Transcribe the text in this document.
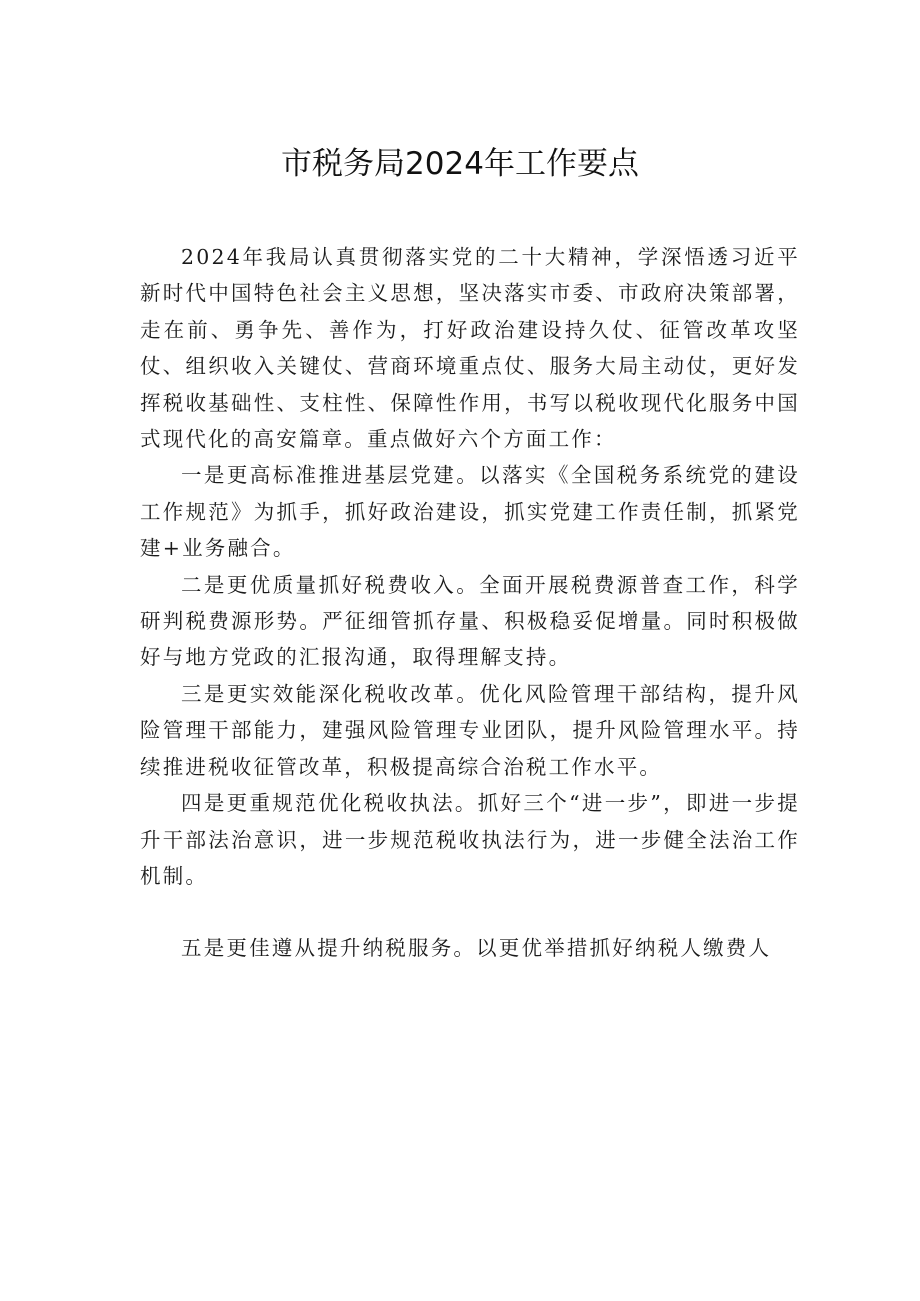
市税务局2024年工作要点

2024年我局认真贯彻落实党的二十大精神，学深悟透习近平新时代中国特色社会主义思想，坚决落实市委、市政府决策部署，走在前、勇争先、善作为，打好政治建设持久仗、征管改革攻坚仗、组织收入关键仗、营商环境重点仗、服务大局主动仗，更好发挥税收基础性、支柱性、保障性作用，书写以税收现代化服务中国式现代化的高安篇章。重点做好六个方面工作：

一是更高标准推进基层党建。以落实《全国税务系统党的建设工作规范》为抓手，抓好政治建设，抓实党建工作责任制，抓紧党建+业务融合。

二是更优质量抓好税费收入。全面开展税费源普查工作，科学研判税费源形势。严征细管抓存量、积极稳妥促增量。同时积极做好与地方党政的汇报沟通，取得理解支持。

三是更实效能深化税收改革。优化风险管理干部结构，提升风险管理干部能力，建强风险管理专业团队，提升风险管理水平。持续推进税收征管改革，积极提高综合治税工作水平。

四是更重规范优化税收执法。抓好三个“进一步”，即进一步提升干部法治意识，进一步规范税收执法行为，进一步健全法治工作机制。

五是更佳遵从提升纳税服务。以更优举措抓好纳税人缴费人
